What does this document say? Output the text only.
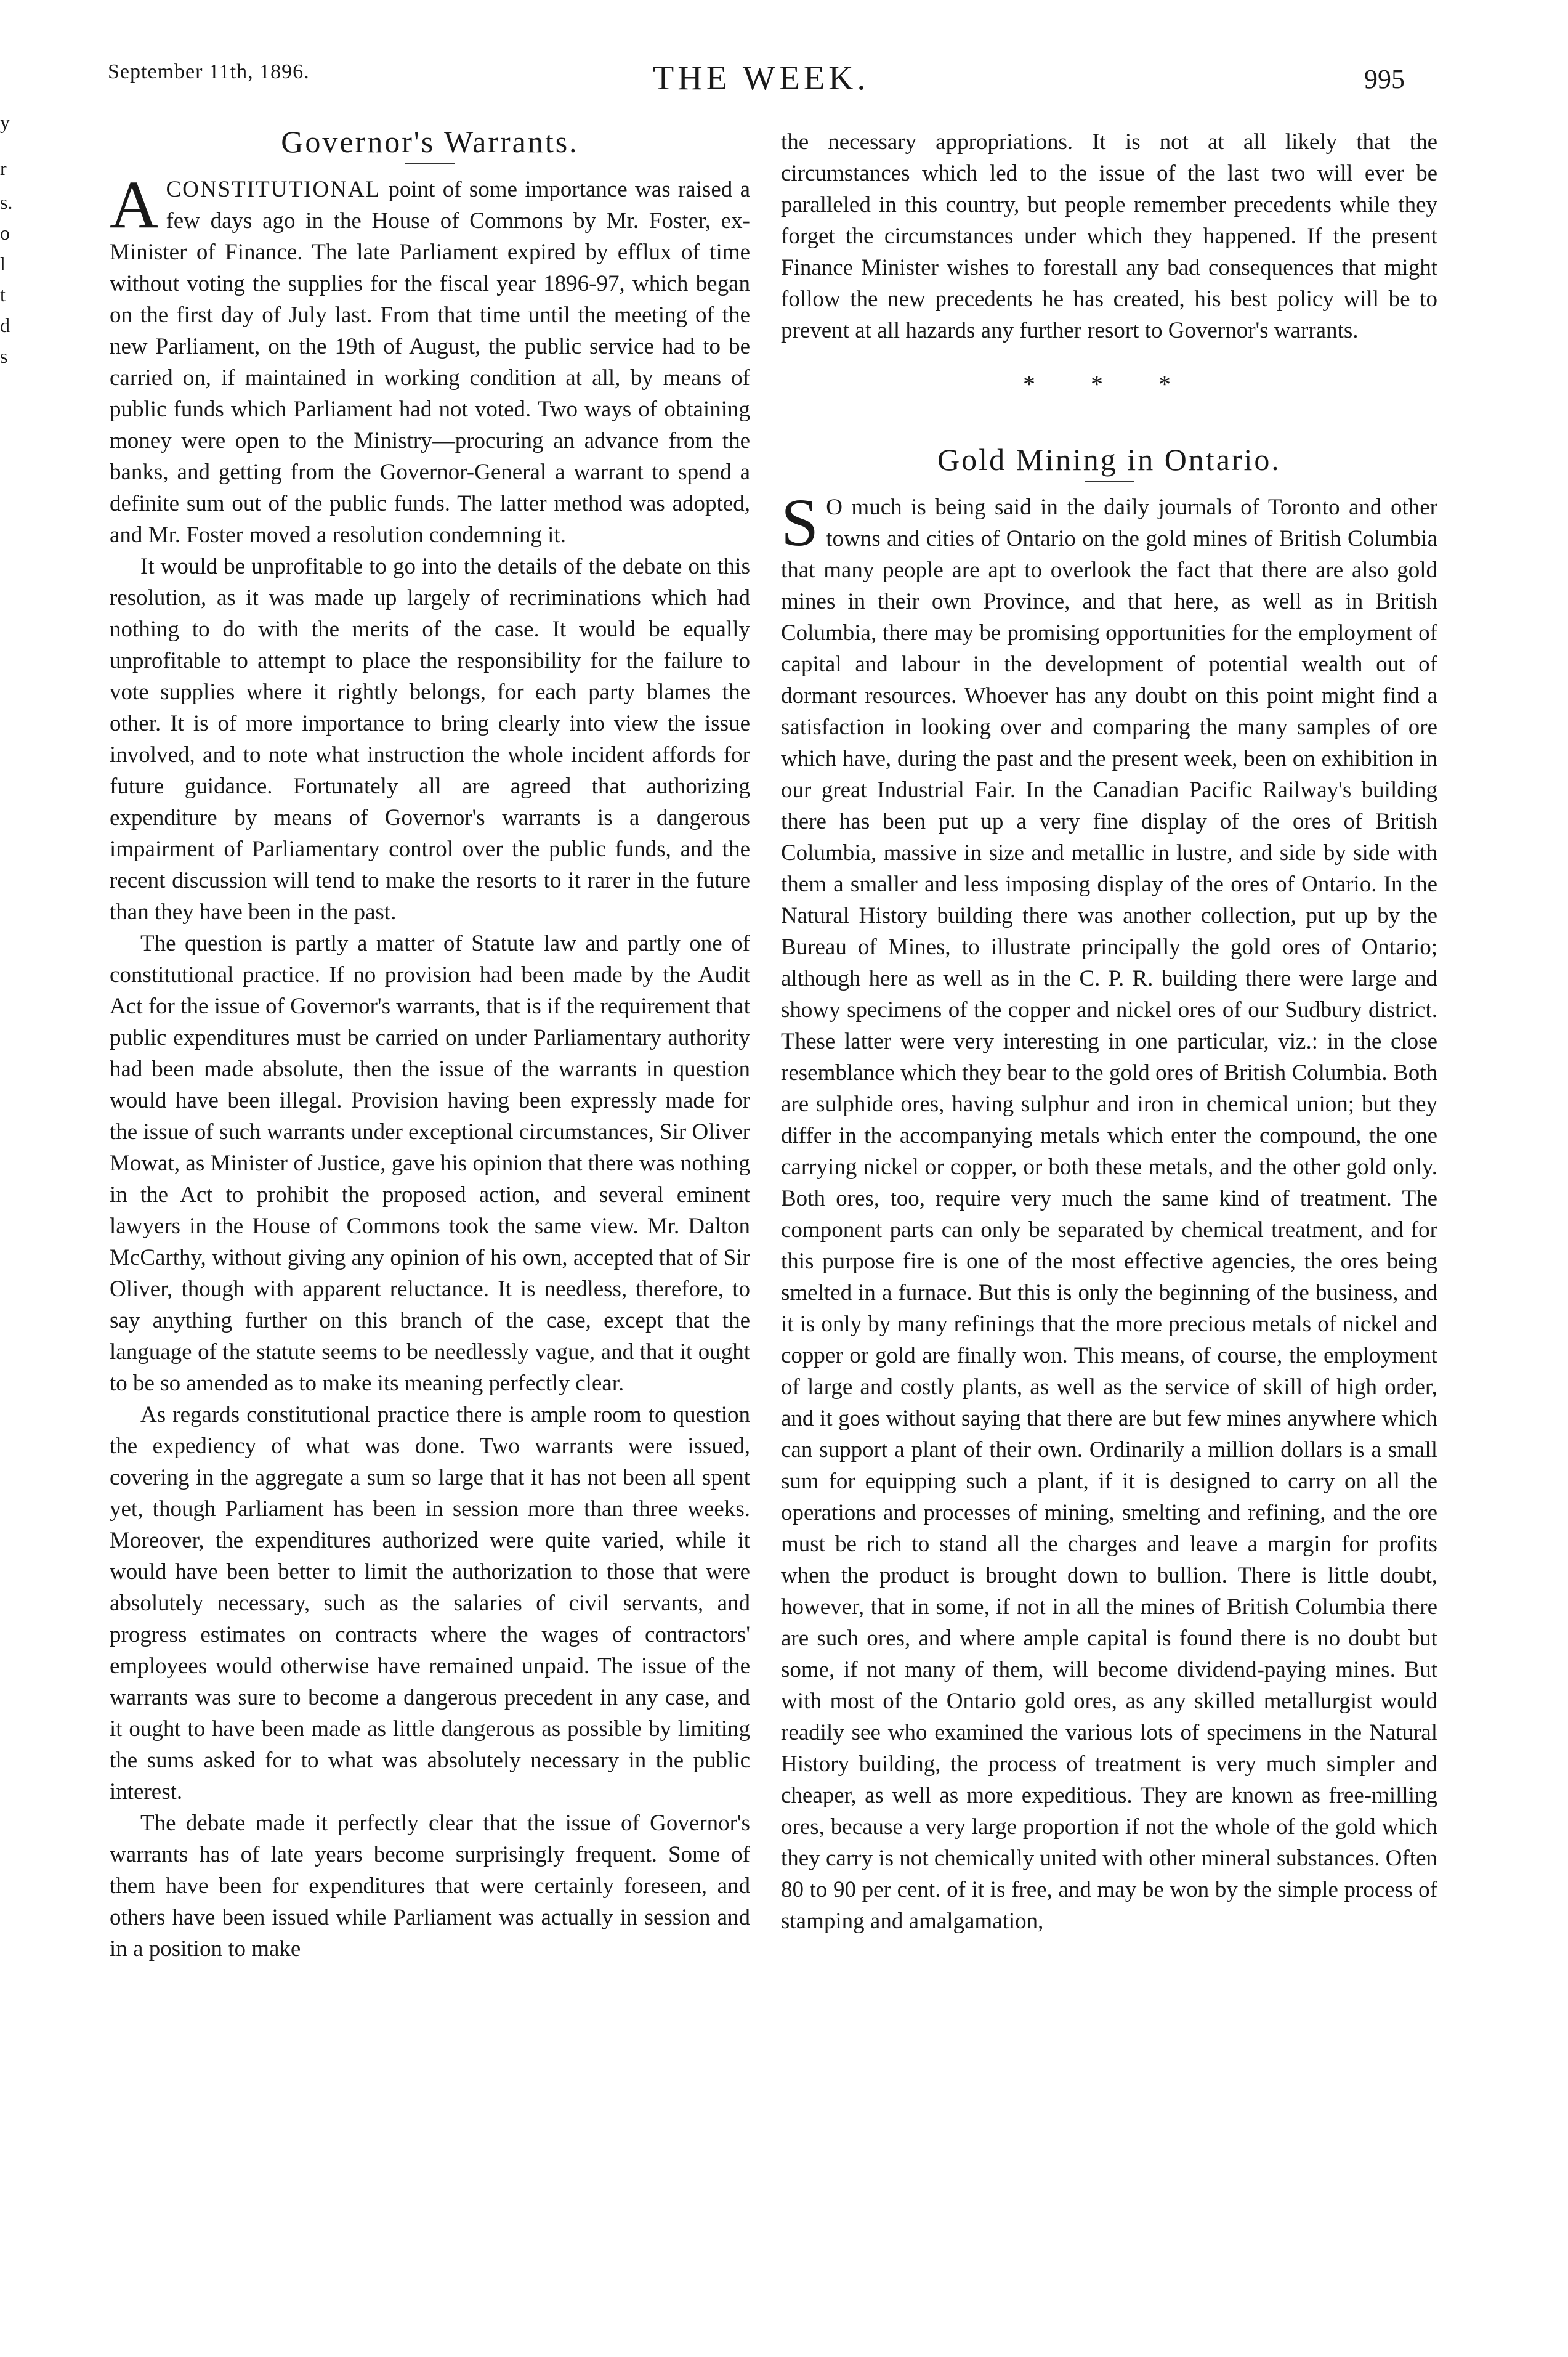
September 11th, 1896.	THE WEEK.	995
y
r
s.
o
l
t
d
s
Governor's Warrants.

ACONSTITUTIONAL point of some importance was raised a few days ago in the House of Commons by Mr. Foster, ex-Minister of Finance. The late Parliament expired by efflux of time without voting the supplies for the fiscal year 1896-97, which began on the first day of July last. From that time until the meeting of the new Parliament, on the 19th of August, the public service had to be carried on, if maintained in working condition at all, by means of public funds which Parliament had not voted. Two ways of obtaining money were open to the Ministry—procuring an advance from the banks, and getting from the Governor-General a warrant to spend a definite sum out of the public funds. The latter method was adopted, and Mr. Foster moved a resolution condemning it.

It would be unprofitable to go into the details of the debate on this resolution, as it was made up largely of recriminations which had nothing to do with the merits of the case. It would be equally unprofitable to attempt to place the responsibility for the failure to vote supplies where it rightly belongs, for each party blames the other. It is of more importance to bring clearly into view the issue involved, and to note what instruction the whole incident affords for future guidance. Fortunately all are agreed that authorizing expenditure by means of Governor's warrants is a dangerous impairment of Parliamentary control over the public funds, and the recent discussion will tend to make the resorts to it rarer in the future than they have been in the past.

The question is partly a matter of Statute law and partly one of constitutional practice. If no provision had been made by the Audit Act for the issue of Governor's warrants, that is if the requirement that public expenditures must be carried on under Parliamentary authority had been made absolute, then the issue of the warrants in question would have been illegal. Provision having been expressly made for the issue of such warrants under exceptional circumstances, Sir Oliver Mowat, as Minister of Justice, gave his opinion that there was nothing in the Act to prohibit the proposed action, and several eminent lawyers in the House of Commons took the same view. Mr. Dalton McCarthy, without giving any opinion of his own, accepted that of Sir Oliver, though with apparent reluctance. It is needless, therefore, to say anything further on this branch of the case, except that the language of the statute seems to be needlessly vague, and that it ought to be so amended as to make its meaning perfectly clear.

As regards constitutional practice there is ample room to question the expediency of what was done. Two warrants were issued, covering in the aggregate a sum so large that it has not been all spent yet, though Parliament has been in session more than three weeks. Moreover, the expenditures authorized were quite varied, while it would have been better to limit the authorization to those that were absolutely necessary, such as the salaries of civil servants, and progress estimates on contracts where the wages of contractors' employees would otherwise have remained unpaid. The issue of the warrants was sure to become a dangerous precedent in any case, and it ought to have been made as little dangerous as possible by limiting the sums asked for to what was absolutely necessary in the public interest.

The debate made it perfectly clear that the issue of Governor's warrants has of late years become surprisingly frequent. Some of them have been for expenditures that were certainly foreseen, and others have been issued while Parliament was actually in session and in a position to make

the necessary appropriations. It is not at all likely that the circumstances which led to the issue of the last two will ever be paralleled in this country, but people remember precedents while they forget the circumstances under which they happened. If the present Finance Minister wishes to forestall any bad consequences that might follow the new precedents he has created, his best policy will be to prevent at all hazards any further resort to Governor's warrants.

* * *
Gold Mining in Ontario.

S O much is being said in the daily journals of Toronto and other towns and cities of Ontario on the gold mines of British Columbia that many people are apt to overlook the fact that there are also gold mines in their own Province, and that here, as well as in British Columbia, there may be promising opportunities for the employment of capital and labour in the development of potential wealth out of dormant resources. Whoever has any doubt on this point might find a satisfaction in looking over and comparing the many samples of ore which have, during the past and the present week, been on exhibition in our great Industrial Fair. In the Canadian Pacific Railway's building there has been put up a very fine display of the ores of British Columbia, massive in size and metallic in lustre, and side by side with them a smaller and less imposing display of the ores of Ontario. In the Natural History building there was another collection, put up by the Bureau of Mines, to illustrate principally the gold ores of Ontario; although here as well as in the C. P. R. building there were large and showy specimens of the copper and nickel ores of our Sudbury district. These latter were very interesting in one particular, viz.: in the close resemblance which they bear to the gold ores of British Columbia. Both are sulphide ores, having sulphur and iron in chemical union; but they differ in the accompanying metals which enter the compound, the one carrying nickel or copper, or both these metals, and the other gold only. Both ores, too, require very much the same kind of treatment. The component parts can only be separated by chemical treatment, and for this purpose fire is one of the most effective agencies, the ores being smelted in a furnace. But this is only the beginning of the business, and it is only by many refinings that the more precious metals of nickel and copper or gold are finally won. This means, of course, the employment of large and costly plants, as well as the service of skill of high order, and it goes without saying that there are but few mines anywhere which can support a plant of their own. Ordinarily a million dollars is a small sum for equipping such a plant, if it is designed to carry on all the operations and processes of mining, smelting and refining, and the ore must be rich to stand all the charges and leave a margin for profits when the product is brought down to bullion. There is little doubt, however, that in some, if not in all the mines of British Columbia there are such ores, and where ample capital is found there is no doubt but some, if not many of them, will become dividend-paying mines. But with most of the Ontario gold ores, as any skilled metallurgist would readily see who examined the various lots of specimens in the Natural History building, the process of treatment is very much simpler and cheaper, as well as more expeditious. They are known as free-milling ores, because a very large proportion if not the whole of the gold which they carry is not chemically united with other mineral substances. Often 80 to 90 per cent. of it is free, and may be won by the simple process of stamping and amalgamation,
